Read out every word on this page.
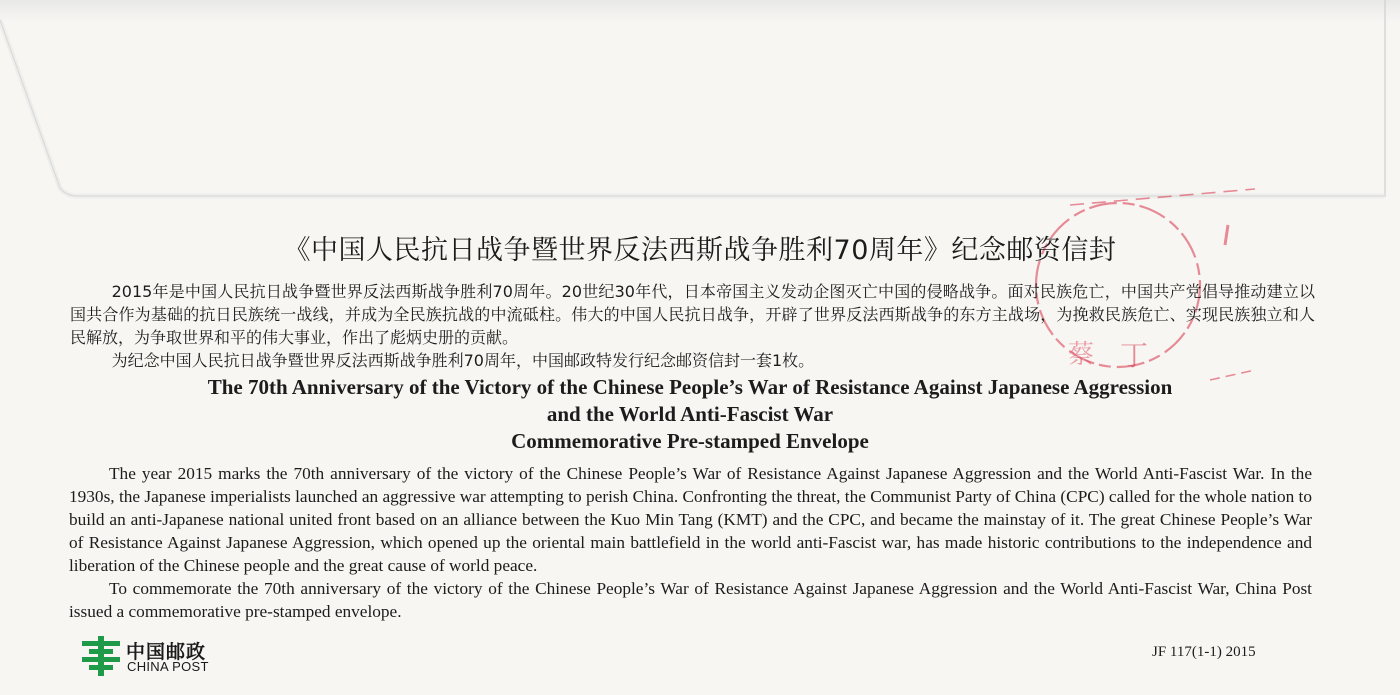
丁
蔡
《中国人民抗日战争暨世界反法西斯战争胜利70周年》纪念邮资信封

2015年是中国人民抗日战争暨世界反法西斯战争胜利70周年。20世纪30年代，日本帝国主义发动企图灭亡中国的侵略战争。面对民族危亡，中国共产党倡导推动建立以国共合作为基础的抗日民族统一战线，并成为全民族抗战的中流砥柱。伟大的中国人民抗日战争，开辟了世界反法西斯战争的东方主战场，为挽救民族危亡、实现民族独立和人民解放，为争取世界和平的伟大事业，作出了彪炳史册的贡献。

为纪念中国人民抗日战争暨世界反法西斯战争胜利70周年，中国邮政特发行纪念邮资信封一套1枚。

The 70th Anniversary of the Victory of the Chinese People’s War of Resistance Against Japanese Aggression
and the World Anti-Fascist War
Commemorative Pre-stamped Envelope

The year 2015 marks the 70th anniversary of the victory of the Chinese People’s War of Resistance Against Japanese Aggression and the World Anti-Fascist War. In the 1930s, the Japanese imperialists launched an aggressive war attempting to perish China. Confronting the threat, the Communist Party of China (CPC) called for the whole nation to build an anti-Japanese national united front based on an alliance between the Kuo Min Tang (KMT) and the CPC, and became the mainstay of it. The great Chinese People’s War of Resistance Against Japanese Aggression, which opened up the oriental main battlefield in the world anti-Fascist war, has made historic contributions to the independence and liberation of the Chinese people and the great cause of world peace.

To commemorate the 70th anniversary of the victory of the Chinese People’s War of Resistance Against Japanese Aggression and the World Anti-Fascist War, China Post issued a commemorative pre-stamped envelope.

中国邮政
CHINA POST
JF 117(1-1) 2015
